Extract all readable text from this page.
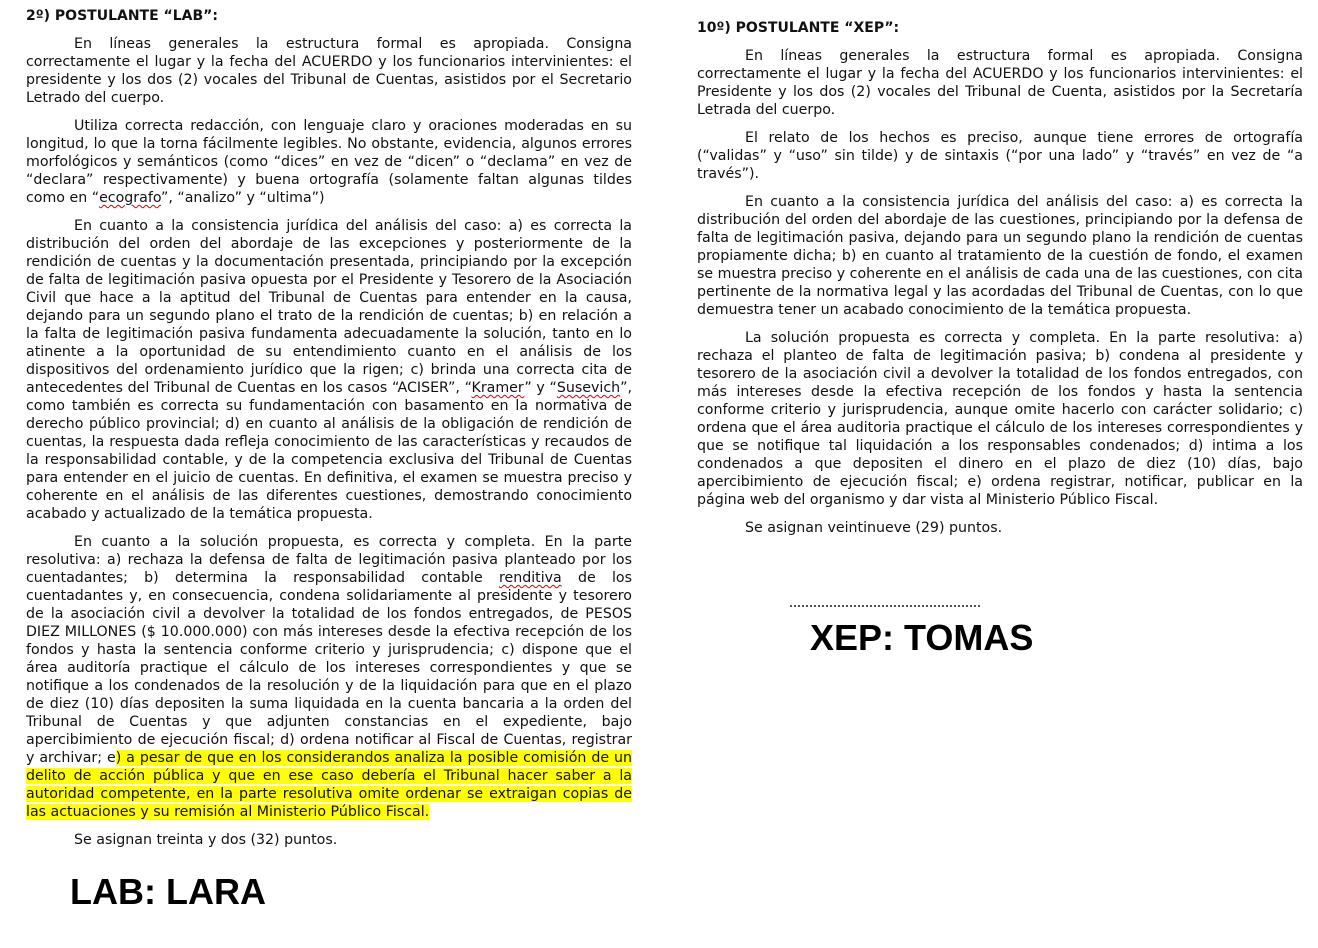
2º) POSTULANTE “LAB”:

En líneas generales la estructura formal es apropiada. Consigna correctamente el lugar y la fecha del ACUERDO y los funcionarios intervinientes: el presidente y los dos (2) vocales del Tribunal de Cuentas, asistidos por el Secretario Letrado del cuerpo.

Utiliza correcta redacción, con lenguaje claro y oraciones moderadas en su longitud, lo que la torna fácilmente legibles. No obstante, evidencia, algunos errores morfológicos y semánticos (como “dices” en vez de “dicen” o “declama” en vez de “declara” respectivamente) y buena ortografía (solamente faltan algunas tildes como en “ecografo”, “analizo” y “ultima”)

En cuanto a la consistencia jurídica del análisis del caso: a) es correcta la distribución del orden del abordaje de las excepciones y posteriormente de la rendición de cuentas y la documentación presentada, principiando por la excepción de falta de legitimación pasiva opuesta por el Presidente y Tesorero de la Asociación Civil que hace a la aptitud del Tribunal de Cuentas para entender en la causa, dejando para un segundo plano el trato de la rendición de cuentas; b) en relación a la falta de legitimación pasiva fundamenta adecuadamente la solución, tanto en lo atinente a la oportunidad de su entendimiento cuanto en el análisis de los dispositivos del ordenamiento jurídico que la rigen; c) brinda una correcta cita de antecedentes del Tribunal de Cuentas en los casos “ACISER”, “Kramer” y “Susevich”, como también es correcta su fundamentación con basamento en la normativa de derecho público provincial; d) en cuanto al análisis de la obligación de rendición de cuentas, la respuesta dada refleja conocimiento de las características y recaudos de la responsabilidad contable, y de la competencia exclusiva del Tribunal de Cuentas para entender en el juicio de cuentas. En definitiva, el examen se muestra preciso y coherente en el análisis de las diferentes cuestiones, demostrando conocimiento acabado y actualizado de la temática propuesta.

En cuanto a la solución propuesta, es correcta y completa. En la parte resolutiva: a) rechaza la defensa de falta de legitimación pasiva planteado por los cuentadantes; b) determina la responsabilidad contable renditiva de los cuentadantes y, en consecuencia, condena solidariamente al presidente y tesorero de la asociación civil a devolver la totalidad de los fondos entregados, de PESOS DIEZ MILLONES ($ 10.000.000) con más intereses desde la efectiva recepción de los fondos y hasta la sentencia conforme criterio y jurisprudencia; c) dispone que el área auditoría practique el cálculo de los intereses correspondientes y que se notifique a los condenados de la resolución y de la liquidación para que en el plazo de diez (10) días depositen la suma liquidada en la cuenta bancaria a la orden del Tribunal de Cuentas y que adjunten constancias en el expediente, bajo apercibimiento de ejecución fiscal; d) ordena notificar al Fiscal de Cuentas, registrar y archivar; e) a pesar de que en los considerandos analiza la posible comisión de un delito de acción pública y que en ese caso debería el Tribunal hacer saber a la autoridad competente, en la parte resolutiva omite ordenar se extraigan copias de las actuaciones y su remisión al Ministerio Público Fiscal.

Se asignan treinta y dos (32) puntos.

10º) POSTULANTE “XEP”:

En líneas generales la estructura formal es apropiada. Consigna correctamente el lugar y la fecha del ACUERDO y los funcionarios intervinientes: el Presidente y los dos (2) vocales del Tribunal de Cuenta, asistidos por la Secretaría Letrada del cuerpo.

El relato de los hechos es preciso, aunque tiene errores de ortografía (“validas” y “uso” sin tilde) y de sintaxis (“por una lado” y “través” en vez de “a través”).

En cuanto a la consistencia jurídica del análisis del caso: a) es correcta la distribución del orden del abordaje de las cuestiones, principiando por la defensa de falta de legitimación pasiva, dejando para un segundo plano la rendición de cuentas propiamente dicha; b) en cuanto al tratamiento de la cuestión de fondo, el examen se muestra preciso y coherente en el análisis de cada una de las cuestiones, con cita pertinente de la normativa legal y las acordadas del Tribunal de Cuentas, con lo que demuestra tener un acabado conocimiento de la temática propuesta.

La solución propuesta es correcta y completa. En la parte resolutiva: a) rechaza el planteo de falta de legitimación pasiva; b) condena al presidente y tesorero de la asociación civil a devolver la totalidad de los fondos entregados, con más intereses desde la efectiva recepción de los fondos y hasta la sentencia conforme criterio y jurisprudencia, aunque omite hacerlo con carácter solidario; c) ordena que el área auditoria practique el cálculo de los intereses correspondientes y que se notifique tal liquidación a los responsables condenados; d) intima a los condenados a que depositen el dinero en el plazo de diez (10) días, bajo apercibimiento de ejecución fiscal; e) ordena registrar, notificar, publicar en la página web del organismo y dar vista al Ministerio Público Fiscal.

Se asignan veintinueve (29) puntos.

XEP: TOMAS
LAB: LARA
